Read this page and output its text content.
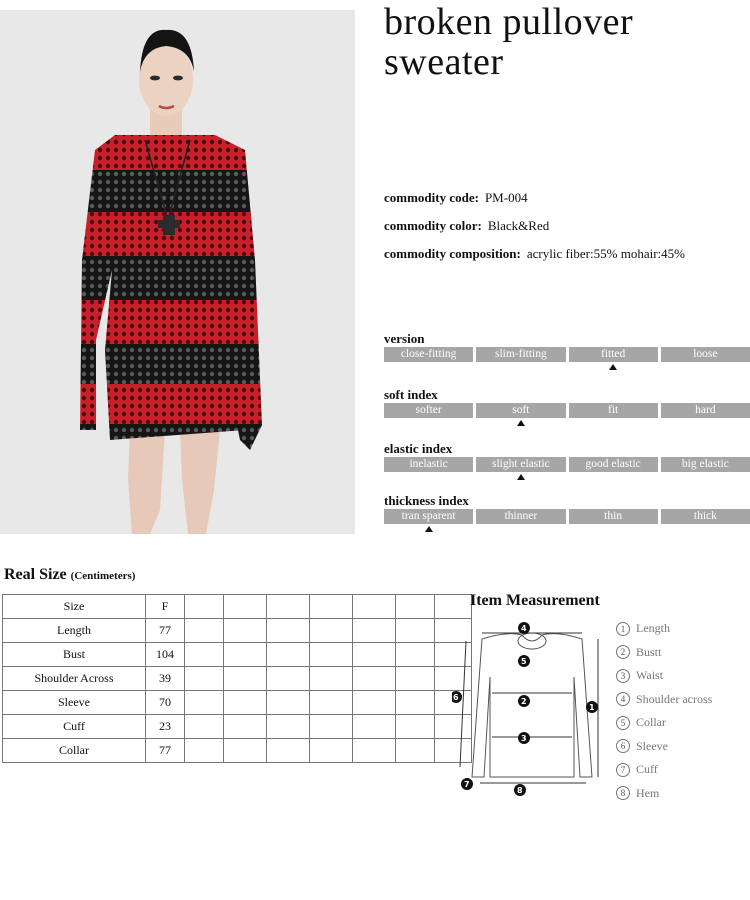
broken pullover
sweater
commodity code: PM-004
commodity color: Black&Red
commodity composition: acrylic fiber:55% mohair:45%
version
close-fitting	slim-fitting	fitted	loose
soft index
softer	soft	fit	hard
elastic index
inelastic	slight elastic	good elastic	big elastic
thickness index
tran sparent	thinner	thin	thick
Real Size (Centimeters)
Size	F							
Length	77							
Bust	104							
Shoulder Across	39							
Sleeve	70							
Cuff	23							
Collar	77							
Item Measurement
4
5
2
3
1
6
7
8
1 Length
2 Bustt
3 Waist
4 Shoulder across
5 Collar
6 Sleeve
7 Cuff
8 Hem
